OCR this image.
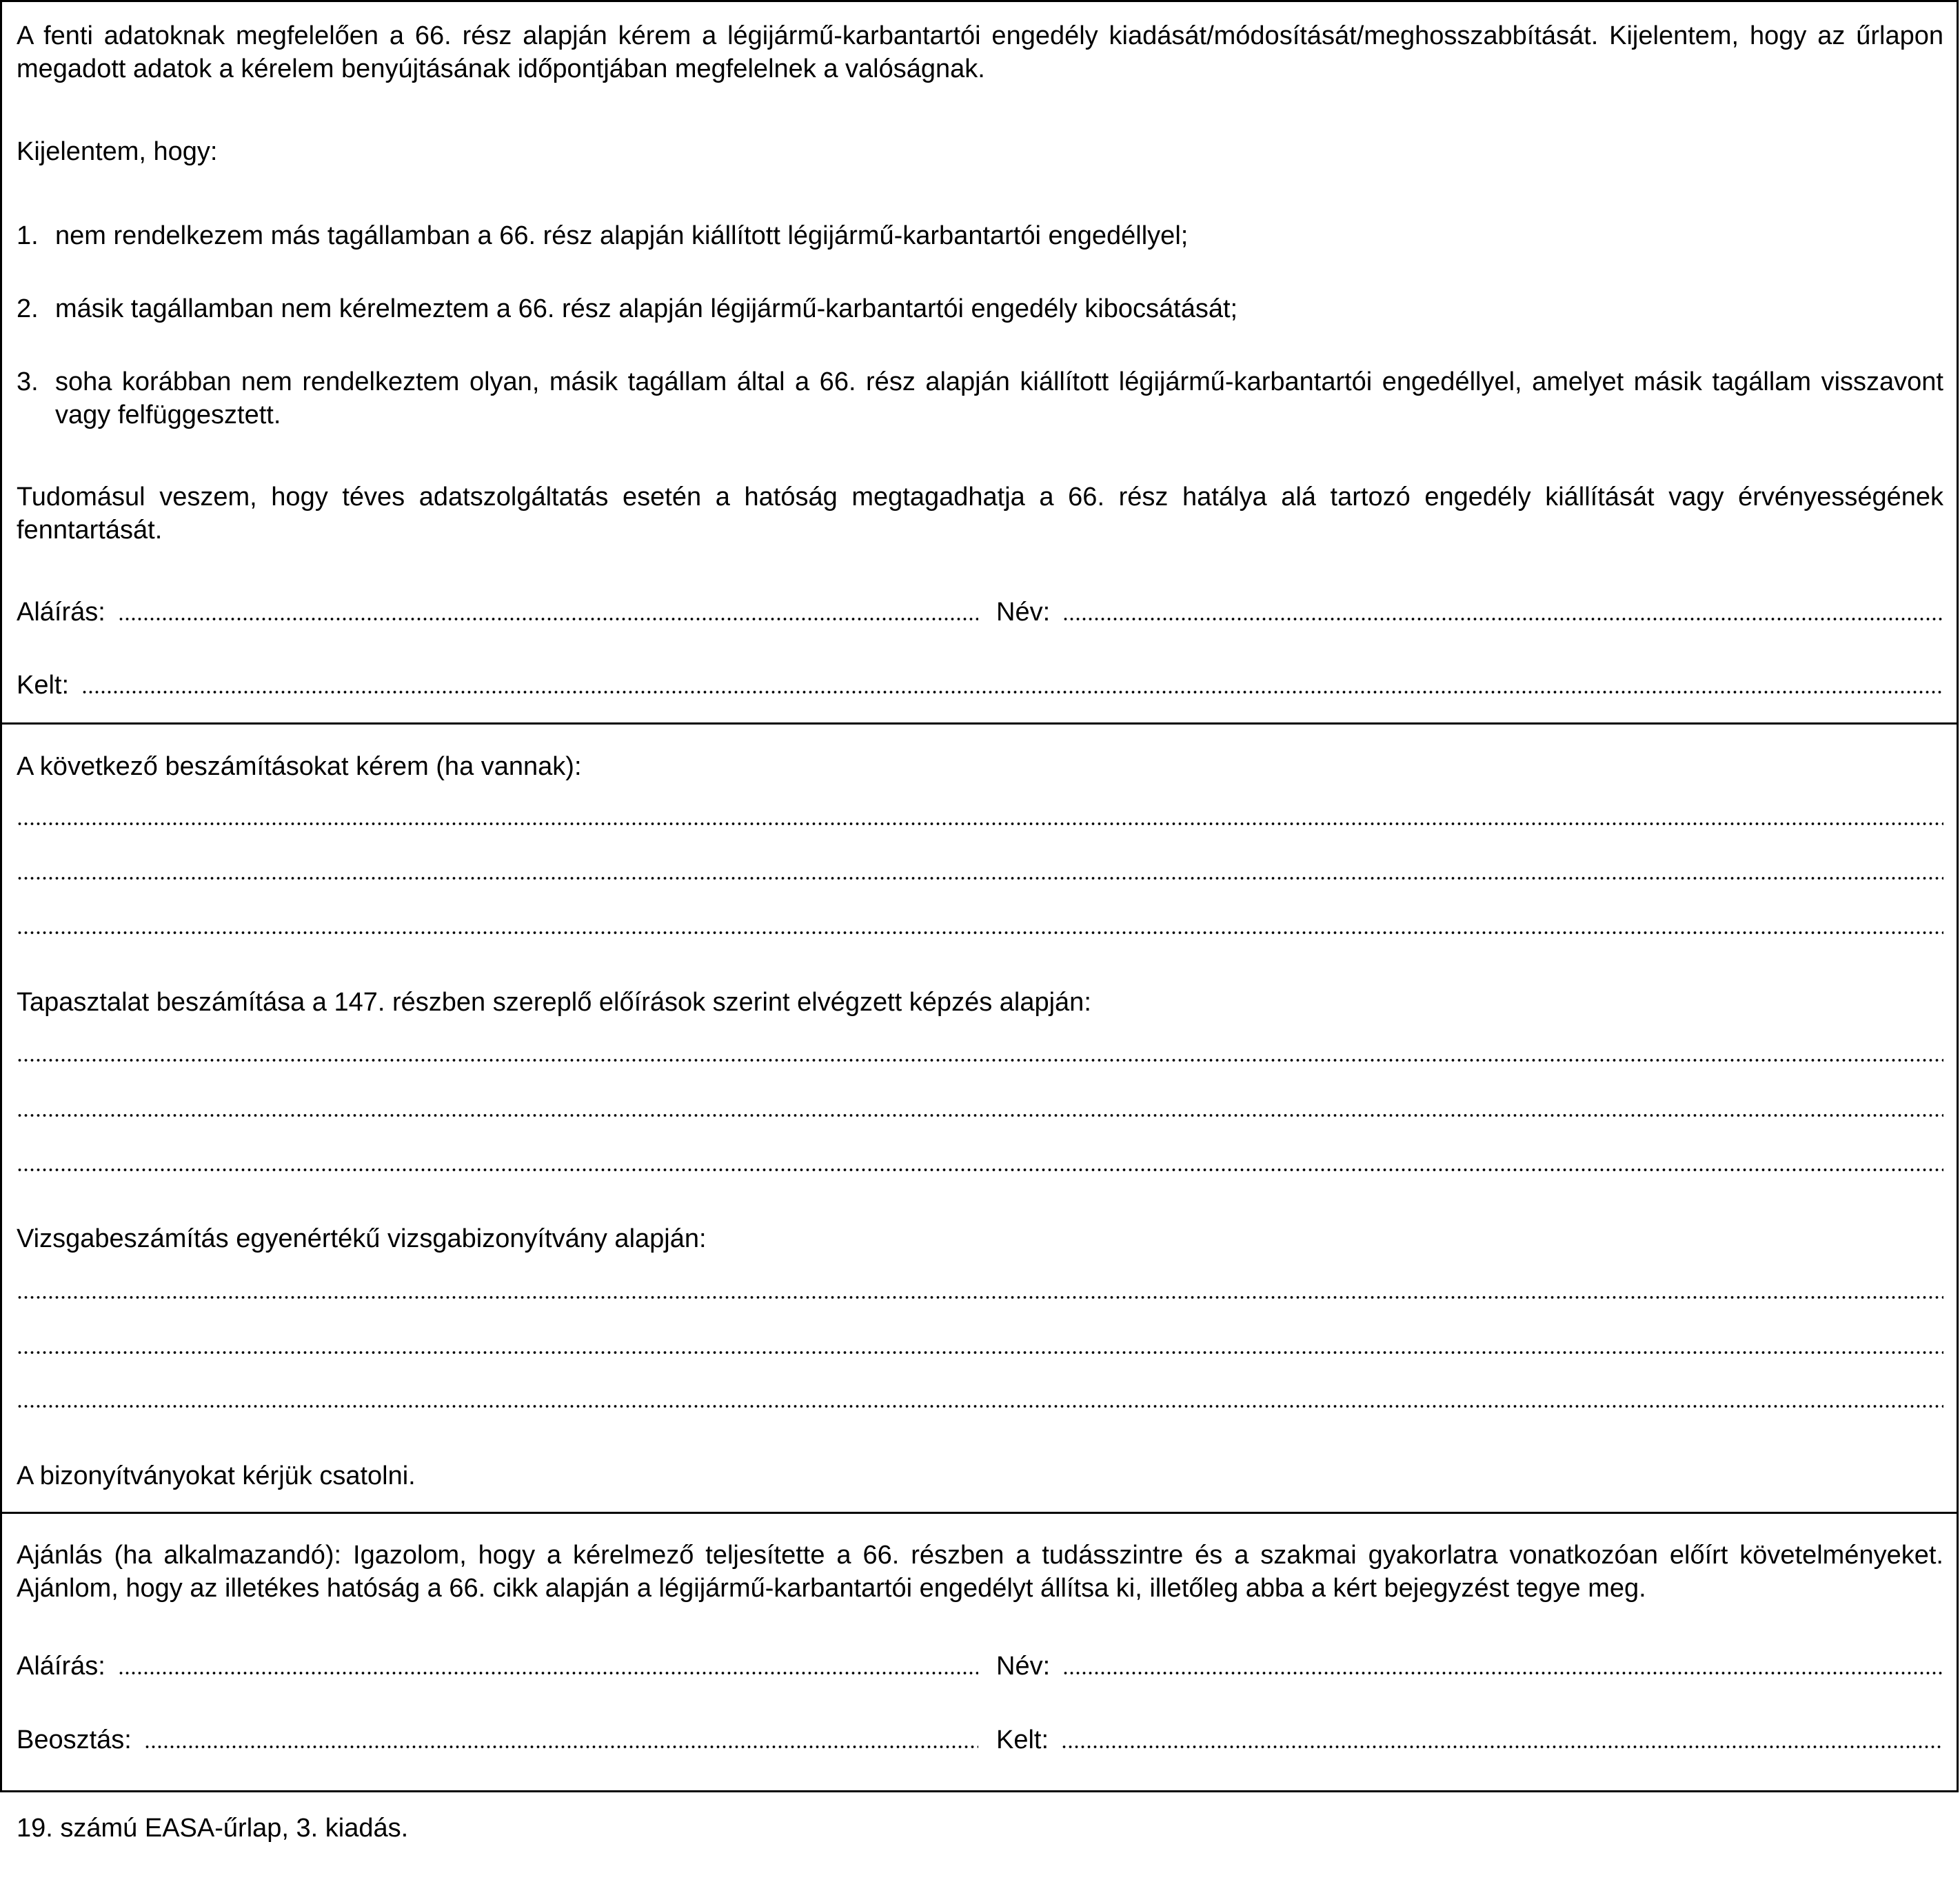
A fenti adatoknak megfelelően a 66. rész alapján kérem a légijármű-karbantartói engedély kiadását/módosítását/meghosszabbítását. Kijelentem, hogy az űrlapon megadott adatok a kérelem benyújtásának időpontjában megfelelnek a valóságnak.

Kijelentem, hogy:

1. nem rendelkezem más tagállamban a 66. rész alapján kiállított légijármű-karbantartói engedéllyel;
2. másik tagállamban nem kérelmeztem a 66. rész alapján légijármű-karbantartói engedély kibocsátását;
3. soha korábban nem rendelkeztem olyan, másik tagállam által a 66. rész alapján kiállított légijármű-karbantartói engedéllyel, amelyet másik tagállam visszavont vagy felfüggesztett.

Tudomásul veszem, hogy téves adatszolgáltatás esetén a hatóság megtagadhatja a 66. rész hatálya alá tartozó engedély kiállítását vagy érvényességének fenntartását.

Aláírás:	Név:
Kelt:

A következő beszámításokat kérem (ha vannak):

Tapasztalat beszámítása a 147. részben szereplő előírások szerint elvégzett képzés alapján:

Vizsgabeszámítás egyenértékű vizsgabizonyítvány alapján:

A bizonyítványokat kérjük csatolni.

Ajánlás (ha alkalmazandó): Igazolom, hogy a kérelmező teljesítette a 66. részben a tudásszintre és a szakmai gyakorlatra vonatkozóan előírt követelményeket. Ajánlom, hogy az illetékes hatóság a 66. cikk alapján a légijármű-karbantartói engedélyt állítsa ki, illetőleg abba a kért bejegyzést tegye meg.

Aláírás:	Név:
Beosztás:	Kelt:
19. számú EASA-űrlap, 3. kiadás.
